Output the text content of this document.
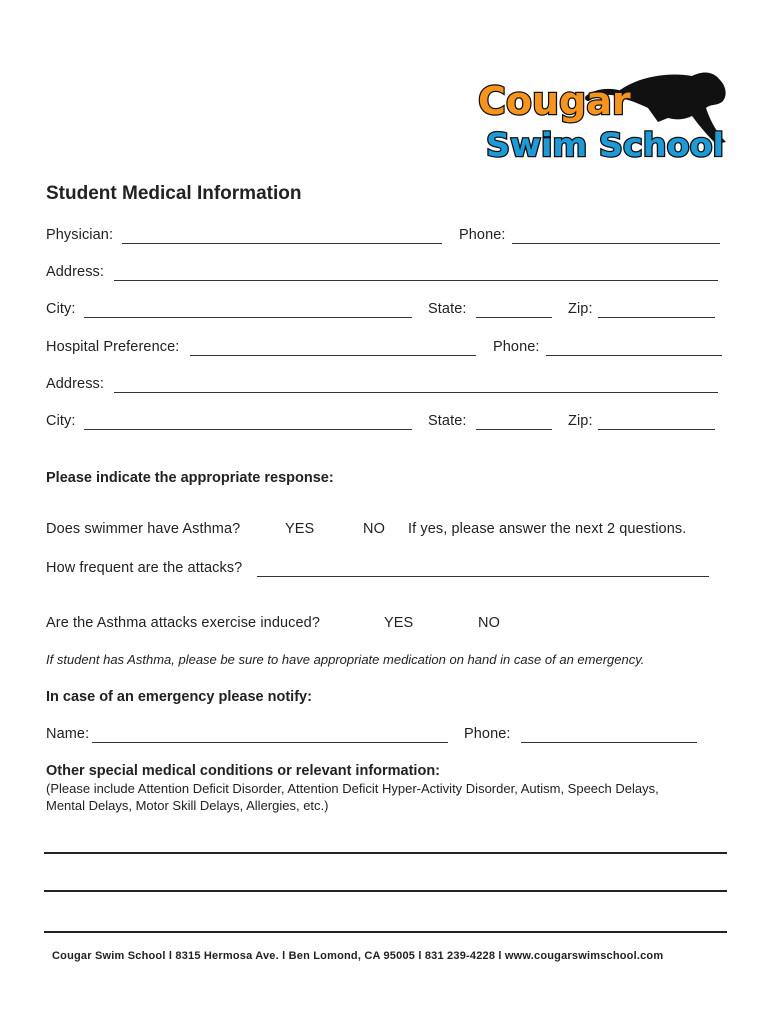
Cougar
Swim School
Student Medical Information
Physician:	Phone:
Address:
City:	State:	Zip:
Hospital Preference:	Phone:
Address:
City:	State:	Zip:
Please indicate the appropriate response:
Does swimmer have Asthma?	YES	NO If yes, please answer the next 2 questions.
How frequent are the attacks?
Are the Asthma attacks exercise induced?	YES	NO
If student has Asthma, please be sure to have appropriate medication on hand in case of an emergency.
In case of an emergency please notify:
Name:	Phone:
Other special medical conditions or relevant information:
(Please include Attention Deficit Disorder, Attention Deficit Hyper-Activity Disorder, Autism, Speech Delays,
Mental Delays, Motor Skill Delays, Allergies, etc.)
Cougar Swim School l 8315 Hermosa Ave. l Ben Lomond, CA 95005 l 831 239-4228 l www.cougarswimschool.com
